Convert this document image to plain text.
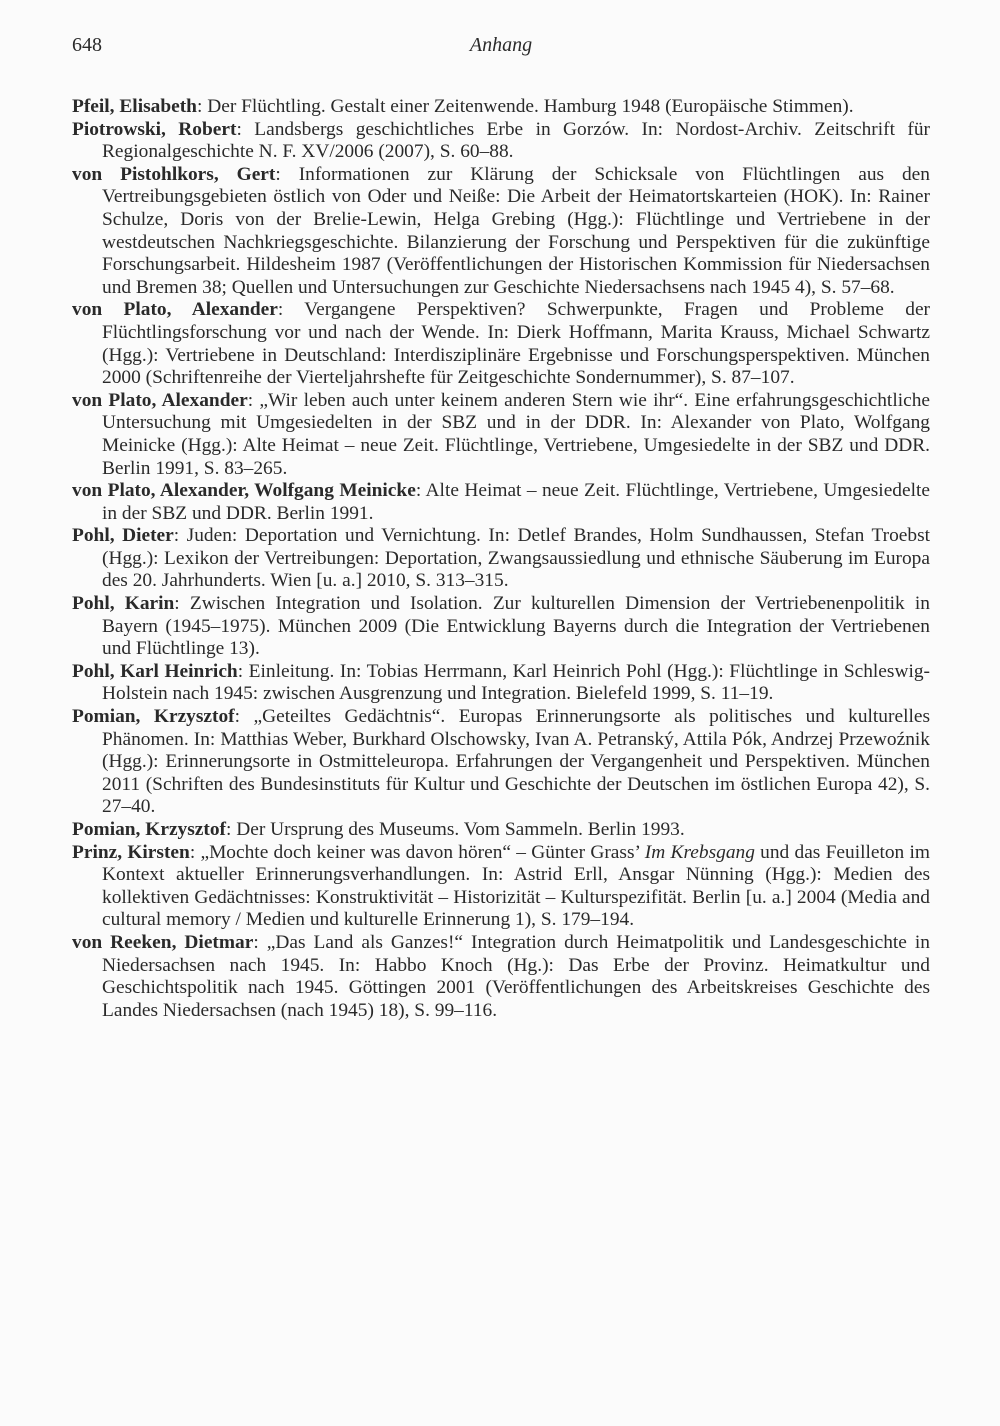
648	Anhang

Pfeil, Elisabeth: Der Flüchtling. Gestalt einer Zeitenwende. Hamburg 1948 (Europäische Stimmen).

Piotrowski, Robert: Landsbergs geschichtliches Erbe in Gorzów. In: Nordost-Archiv. Zeitschrift für Regionalgeschichte N. F. XV/2006 (2007), S. 60–88.

von Pistohlkors, Gert: Informationen zur Klärung der Schicksale von Flüchtlingen aus den Vertreibungsgebieten östlich von Oder und Neiße: Die Arbeit der Heimatortskarteien (HOK). In: Rainer Schulze, Doris von der Brelie-Lewin, Helga Grebing (Hgg.): Flüchtlinge und Vertriebene in der westdeutschen Nachkriegsgeschichte. Bilanzierung der Forschung und Perspektiven für die zukünftige Forschungsarbeit. Hildesheim 1987 (Veröffentlichungen der Historischen Kommission für Niedersachsen und Bremen 38; Quellen und Untersuchungen zur Geschichte Niedersachsens nach 1945 4), S. 57–68.

von Plato, Alexander: Vergangene Perspektiven? Schwerpunkte, Fragen und Probleme der Flüchtlingsforschung vor und nach der Wende. In: Dierk Hoffmann, Marita Krauss, Michael Schwartz (Hgg.): Vertriebene in Deutschland: Interdisziplinäre Ergebnisse und Forschungsperspektiven. München 2000 (Schriftenreihe der Vierteljahrshefte für Zeitgeschichte Sondernummer), S. 87–107.

von Plato, Alexander: „Wir leben auch unter keinem anderen Stern wie ihr“. Eine erfahrungsgeschichtliche Untersuchung mit Umgesiedelten in der SBZ und in der DDR. In: Alexander von Plato, Wolfgang Meinicke (Hgg.): Alte Heimat – neue Zeit. Flüchtlinge, Vertriebene, Umgesiedelte in der SBZ und DDR. Berlin 1991, S. 83–265.

von Plato, Alexander, Wolfgang Meinicke: Alte Heimat – neue Zeit. Flüchtlinge, Vertriebene, Umgesiedelte in der SBZ und DDR. Berlin 1991.

Pohl, Dieter: Juden: Deportation und Vernichtung. In: Detlef Brandes, Holm Sundhaussen, Stefan Troebst (Hgg.): Lexikon der Vertreibungen: Deportation, Zwangsaussiedlung und ethnische Säuberung im Europa des 20. Jahrhunderts. Wien [u. a.] 2010, S. 313–315.

Pohl, Karin: Zwischen Integration und Isolation. Zur kulturellen Dimension der Vertriebenenpolitik in Bayern (1945–1975). München 2009 (Die Entwicklung Bayerns durch die Integration der Vertriebenen und Flüchtlinge 13).

Pohl, Karl Heinrich: Einleitung. In: Tobias Herrmann, Karl Heinrich Pohl (Hgg.): Flüchtlinge in Schleswig-Holstein nach 1945: zwischen Ausgrenzung und Integration. Bielefeld 1999, S. 11–19.

Pomian, Krzysztof: „Geteiltes Gedächtnis“. Europas Erinnerungsorte als politisches und kulturelles Phänomen. In: Matthias Weber, Burkhard Olschowsky, Ivan A. Petranský, Attila Pók, Andrzej Przewoźnik (Hgg.): Erinnerungsorte in Ostmitteleuropa. Erfahrungen der Vergangenheit und Perspektiven. München 2011 (Schriften des Bundesinstituts für Kultur und Geschichte der Deutschen im östlichen Europa 42), S. 27–40.

Pomian, Krzysztof: Der Ursprung des Museums. Vom Sammeln. Berlin 1993.

Prinz, Kirsten: „Mochte doch keiner was davon hören“ – Günter Grass’ Im Krebsgang und das Feuilleton im Kontext aktueller Erinnerungsverhandlungen. In: Astrid Erll, Ansgar Nünning (Hgg.): Medien des kollektiven Gedächtnisses: Konstruktivität – Historizität – Kulturspezifität. Berlin [u. a.] 2004 (Media and cultural memory / Medien und kulturelle Erinnerung 1), S. 179–194.

von Reeken, Dietmar: „Das Land als Ganzes!“ Integration durch Heimatpolitik und Landesgeschichte in Niedersachsen nach 1945. In: Habbo Knoch (Hg.): Das Erbe der Provinz. Heimatkultur und Geschichtspolitik nach 1945. Göttingen 2001 (Veröffentlichungen des Arbeitskreises Geschichte des Landes Niedersachsen (nach 1945) 18), S. 99–116.
